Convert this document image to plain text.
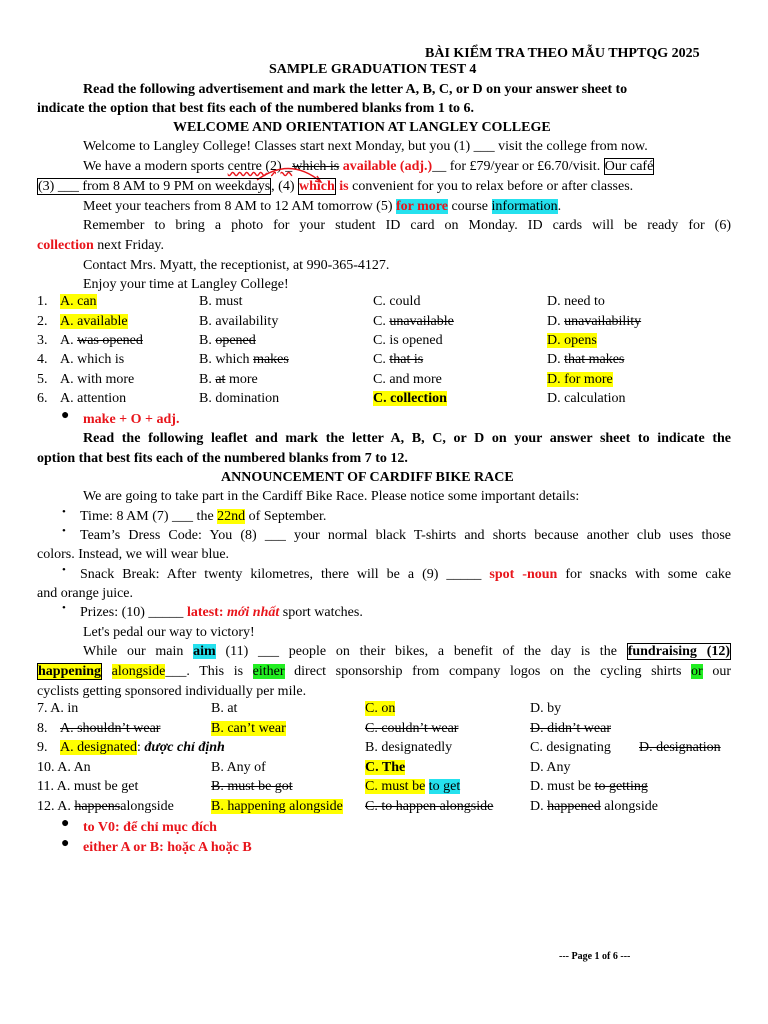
BÀI KIỂM TRA THEO MẪU THPTQG 2025
SAMPLE GRADUATION TEST 4
Read the following advertisement and mark the letter A, B, C, or D on your answer sheet to
indicate the option that best fits each of the numbered blanks from 1 to 6.
WELCOME AND ORIENTATION AT LANGLEY COLLEGE
Welcome to Langley College! Classes start next Monday, but you (1) ___ visit the college from now.
We have a modern sports centre (2) _which is available (adj.)__ for £79/year or £6.70/visit. Our café
(3) ___ from 8 AM to 9 PM on weekdays, (4) which is convenient for you to relax before or after classes.
Meet your teachers from 8 AM to 12 AM tomorrow (5) for more course information.
Remember to bring a photo for your student ID card on Monday. ID cards will be ready for (6)
collection next Friday.
Contact Mrs. Myatt, the receptionist, at 990-365-4127.
Enjoy your time at Langley College!
1. A. can	B. must	C. could	D. need to
2. A. available	B. availability	C. unavailable	D. unavailability
3. A. was opened	B. opened	C. is opened	D. opens
4. A. which is	B. which makes	C. that is	D. that makes
5. A. with more	B. at more	C. and more	D. for more
6. A. attention	B. domination	C. collection	D. calculation
● make + O + adj.
Read the following leaflet and mark the letter A, B, C, or D on your answer sheet to indicate the
option that best fits each of the numbered blanks from 7 to 12.
ANNOUNCEMENT OF CARDIFF BIKE RACE
We are going to take part in the Cardiff Bike Race. Please notice some important details:
• Time: 8 AM (7) ___ the 22nd of September.
• Team’s Dress Code: You (8) ___ your normal black T-shirts and shorts because another club uses those
colors. Instead, we will wear blue.
• Snack Break: After twenty kilometres, there will be a (9) _____ spot -noun for snacks with some cake
and orange juice.
• Prizes: (10) _____ latest: mới nhất sport watches.
Let's pedal our way to victory!
While our main aim (11) ___ people on their bikes, a benefit of the day is the fundraising (12)
happening alongside___. This is either direct sponsorship from company logos on the cycling shirts or our
cyclists getting sponsored individually per mile.
7. A. in	B. at	C. on	D. by
8. A. shouldn’t wear	B. can’t wear	C. couldn’t wear	D. didn’t wear
9. A. designated: được chỉ định	B. designatedly	C. designating D. designation
10. A. An	B. Any of	C. The	D. Any
11. A. must be get	B. must be got	C. must be to get	D. must be to getting
12. A. happensalongside	B. happening alongside C. to happen alongside	D. happened alongside
● to V0: để chỉ mục đích
● either A or B: hoặc A hoặc B
--- Page 1 of 6 ---
